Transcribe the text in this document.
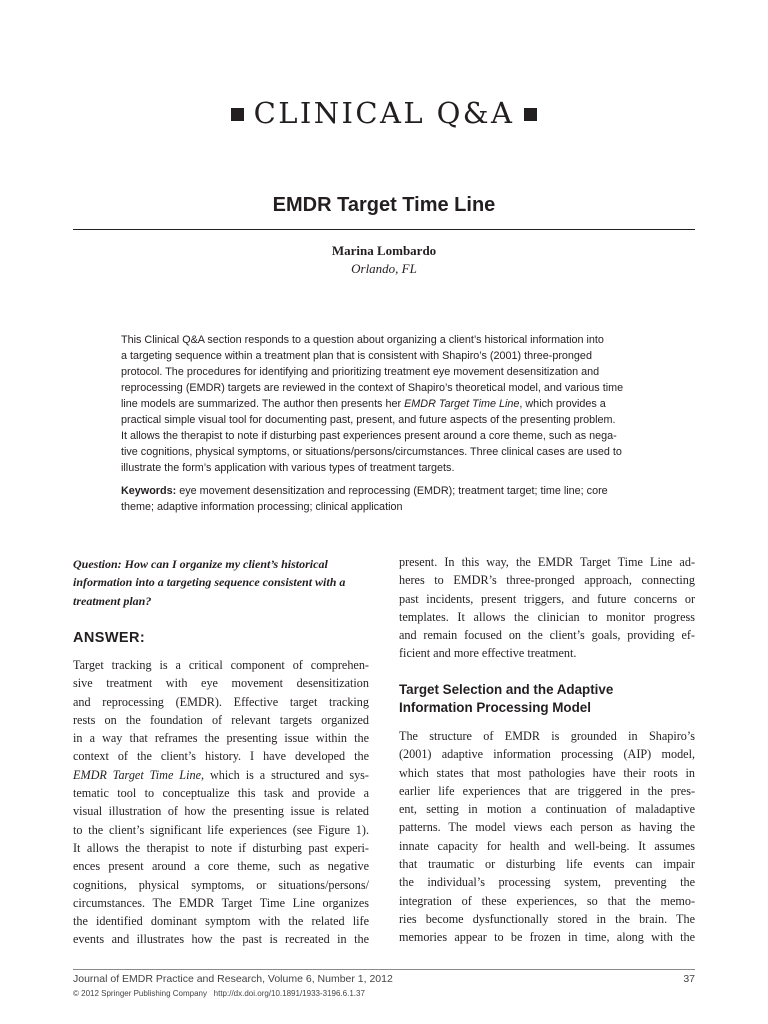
CLINICAL Q&A
EMDR Target Time Line
Marina Lombardo
Orlando, FL
This Clinical Q&A section responds to a question about organizing a client’s historical information into
a targeting sequence within a treatment plan that is consistent with Shapiro’s (2001) three-pronged
protocol. The procedures for identifying and prioritizing treatment eye movement desensitization and
reprocessing (EMDR) targets are reviewed in the context of Shapiro’s theoretical model, and various time
line models are summarized. The author then presents her EMDR Target Time Line, which provides a
practical simple visual tool for documenting past, present, and future aspects of the presenting problem.
It allows the therapist to note if disturbing past experiences present around a core theme, such as nega-
tive cognitions, physical symptoms, or situations/persons/circumstances. Three clinical cases are used to
illustrate the form’s application with various types of treatment targets.
Keywords: eye movement desensitization and reprocessing (EMDR); treatment target; time line; core
theme; adaptive information processing; clinical application
Question: How can I organize my client’s historical
information into a targeting sequence consistent with a
treatment plan?
ANSWER:
Target tracking is a critical component of comprehen-
sive treatment with eye movement desensitization
and reprocessing (EMDR). Effective target tracking
rests on the foundation of relevant targets organized
in a way that reframes the presenting issue within the
context of the client’s history. I have developed the
EMDR Target Time Line, which is a structured and sys-
tematic tool to conceptualize this task and provide a
visual illustration of how the presenting issue is related
to the client’s significant life experiences (see Figure 1).
It allows the therapist to note if disturbing past experi-
ences present around a core theme, such as negative
cognitions, physical symptoms, or situations/persons/
circumstances. The EMDR Target Time Line organizes
the identified dominant symptom with the related life
events and illustrates how the past is recreated in the
present. In this way, the EMDR Target Time Line ad-
heres to EMDR’s three-pronged approach, connecting
past incidents, present triggers, and future concerns or
templates. It allows the clinician to monitor progress
and remain focused on the client’s goals, providing ef-
ficient and more effective treatment.
Target Selection and the Adaptive
Information Processing Model
The structure of EMDR is grounded in Shapiro’s
(2001) adaptive information processing (AIP) model,
which states that most pathologies have their roots in
earlier life experiences that are triggered in the pres-
ent, setting in motion a continuation of maladaptive
patterns. The model views each person as having the
innate capacity for health and well-being. It assumes
that traumatic or disturbing life events can impair
the individual’s processing system, preventing the
integration of these experiences, so that the memo-
ries become dysfunctionally stored in the brain. The
memories appear to be frozen in time, along with the
Journal of EMDR Practice and Research, Volume 6, Number 1, 2012	37
© 2012 Springer Publishing Company http://dx.doi.org/10.1891/1933-3196.6.1.37
